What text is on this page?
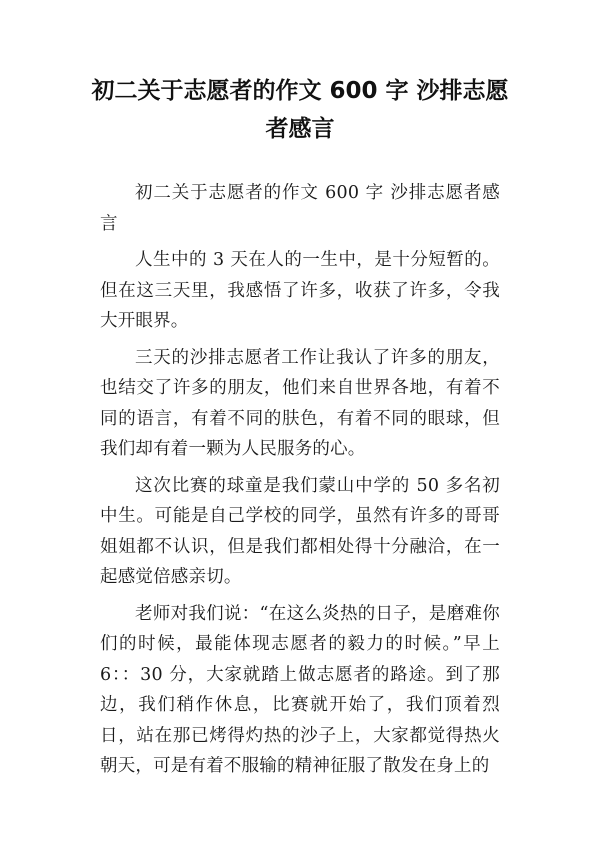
初二关于志愿者的作文 600 字 沙排志愿者感言

初二关于志愿者的作文 600 字 沙排志愿者感言

人生中的 3 天在人的一生中，是十分短暂的。但在这三天里，我感悟了许多，收获了许多，令我大开眼界。

三天的沙排志愿者工作让我认了许多的朋友，也结交了许多的朋友，他们来自世界各地，有着不同的语言，有着不同的肤色，有着不同的眼球，但我们却有着一颗为人民服务的心。

这次比赛的球童是我们蒙山中学的 50 多名初中生。可能是自己学校的同学，虽然有许多的哥哥姐姐都不认识，但是我们都相处得十分融洽，在一起感觉倍感亲切。

老师对我们说：“在这么炎热的日子，是磨难你们的时候，最能体现志愿者的毅力的时候。”早上 6：：30 分，大家就踏上做志愿者的路途。到了那边，我们稍作休息，比赛就开始了，我们顶着烈日，站在那已烤得灼热的沙子上，大家都觉得热火朝天，可是有着不服输的精神征服了散发在身上的
